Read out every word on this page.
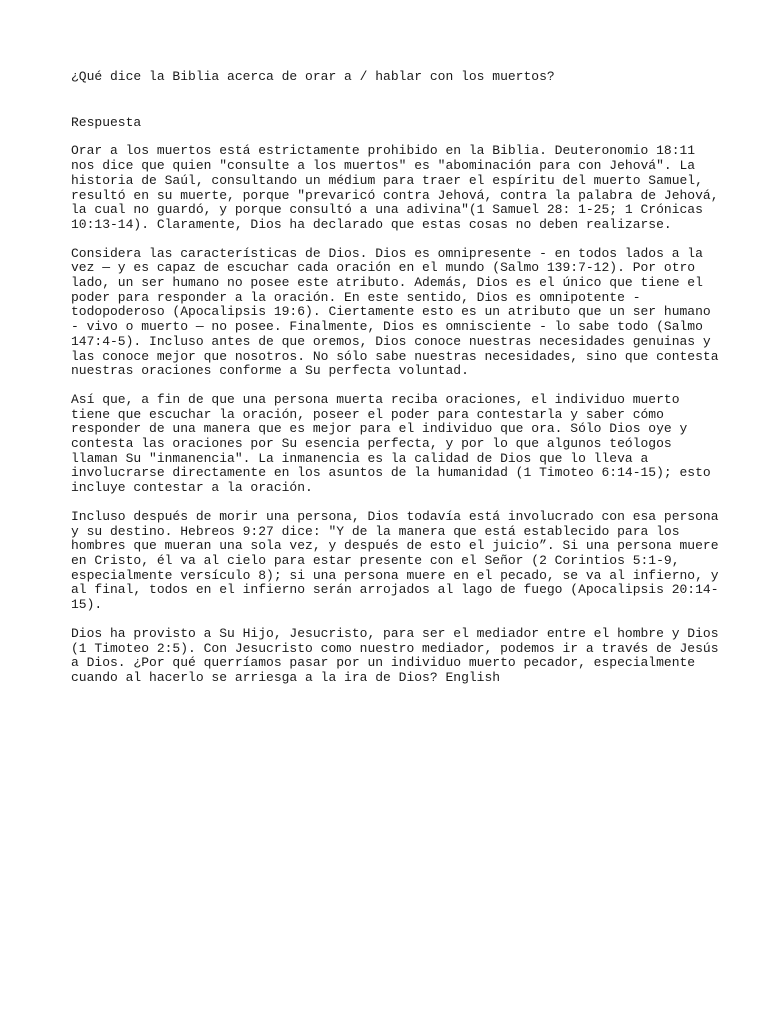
¿Qué dice la Biblia acerca de orar a / hablar con los muertos?

Respuesta

Orar a los muertos está estrictamente prohibido en la Biblia. Deuteronomio 18:11
nos dice que quien "consulte a los muertos" es "abominación para con Jehová". La
historia de Saúl, consultando un médium para traer el espíritu del muerto Samuel,
resultó en su muerte, porque "prevaricó contra Jehová, contra la palabra de Jehová,
la cual no guardó, y porque consultó a una adivina"(1 Samuel 28: 1-25; 1 Crónicas
10:13-14). Claramente, Dios ha declarado que estas cosas no deben realizarse.

Considera las características de Dios. Dios es omnipresente - en todos lados a la
vez — y es capaz de escuchar cada oración en el mundo (Salmo 139:7-12). Por otro
lado, un ser humano no posee este atributo. Además, Dios es el único que tiene el
poder para responder a la oración. En este sentido, Dios es omnipotente -
todopoderoso (Apocalipsis 19:6). Ciertamente esto es un atributo que un ser humano
- vivo o muerto — no posee. Finalmente, Dios es omnisciente - lo sabe todo (Salmo
147:4-5). Incluso antes de que oremos, Dios conoce nuestras necesidades genuinas y
las conoce mejor que nosotros. No sólo sabe nuestras necesidades, sino que contesta
nuestras oraciones conforme a Su perfecta voluntad.

Así que, a fin de que una persona muerta reciba oraciones, el individuo muerto
tiene que escuchar la oración, poseer el poder para contestarla y saber cómo
responder de una manera que es mejor para el individuo que ora. Sólo Dios oye y
contesta las oraciones por Su esencia perfecta, y por lo que algunos teólogos
llaman Su "inmanencia". La inmanencia es la calidad de Dios que lo lleva a
involucrarse directamente en los asuntos de la humanidad (1 Timoteo 6:14-15); esto
incluye contestar a la oración.

Incluso después de morir una persona, Dios todavía está involucrado con esa persona
y su destino. Hebreos 9:27 dice: "Y de la manera que está establecido para los
hombres que mueran una sola vez, y después de esto el juicio”. Si una persona muere
en Cristo, él va al cielo para estar presente con el Señor (2 Corintios 5:1-9,
especialmente versículo 8); si una persona muere en el pecado, se va al infierno, y
al final, todos en el infierno serán arrojados al lago de fuego (Apocalipsis 20:14-
15).

Dios ha provisto a Su Hijo, Jesucristo, para ser el mediador entre el hombre y Dios
(1 Timoteo 2:5). Con Jesucristo como nuestro mediador, podemos ir a través de Jesús
a Dios. ¿Por qué querríamos pasar por un individuo muerto pecador, especialmente
cuando al hacerlo se arriesga a la ira de Dios? English
